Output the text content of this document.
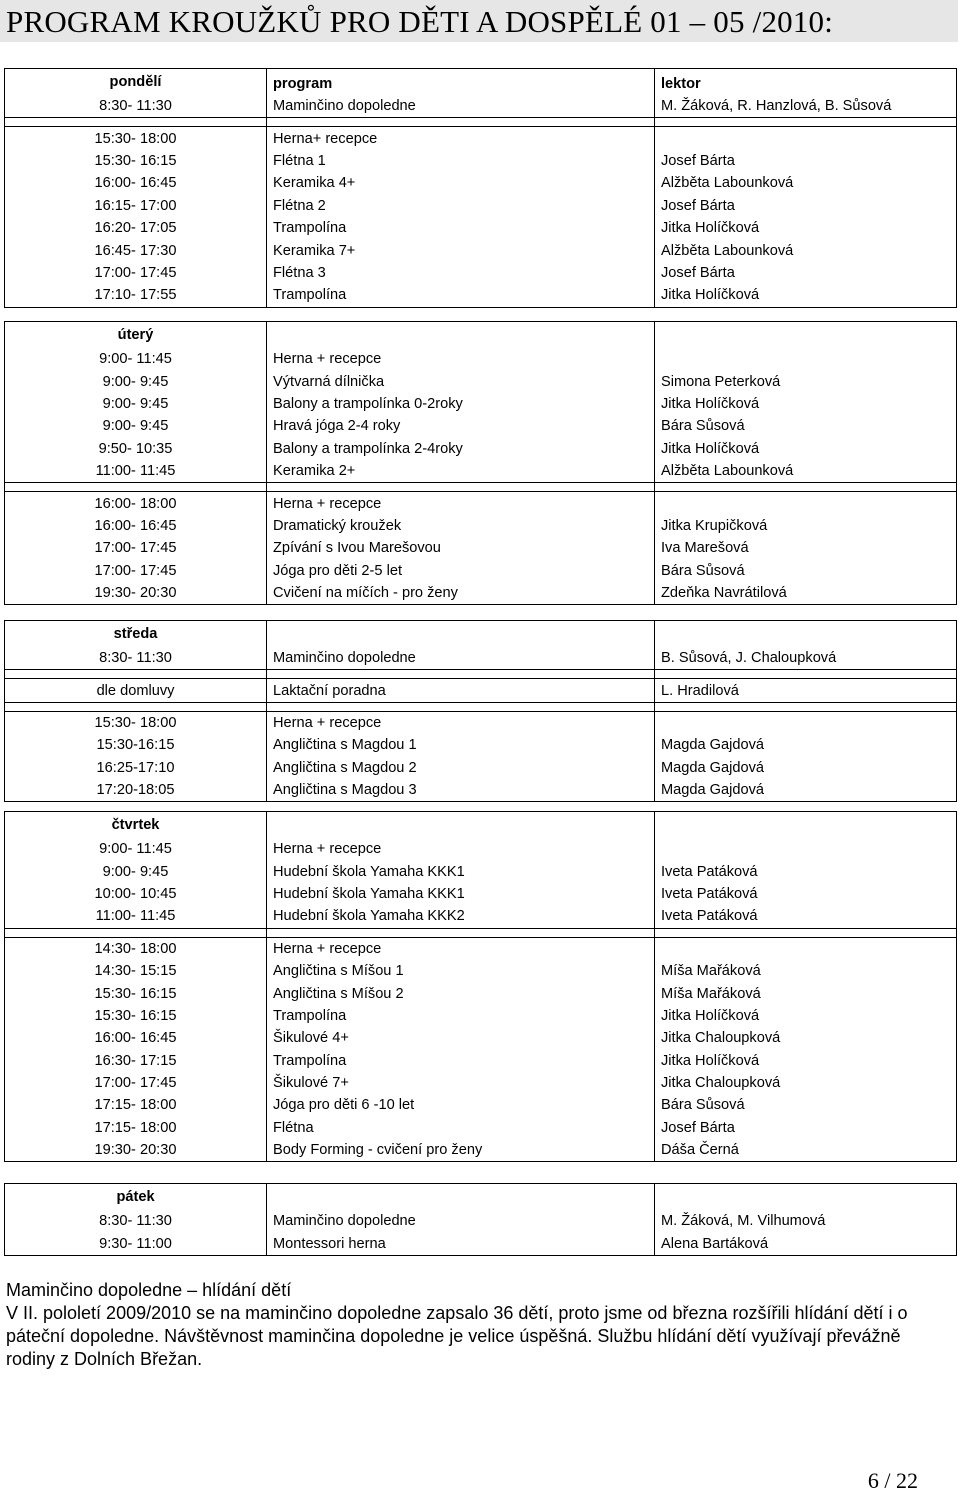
PROGRAM KROUŽKŮ PRO DĚTI A DOSPĚLÉ 01 – 05 /2010:
pondělí	program	lektor
8:30- 11:30	Maminčino dopoledne	M. Žáková, R. Hanzlová, B. Sůsová

15:30- 18:00	Herna+ recepce	
15:30- 16:15	Flétna 1	Josef Bárta
16:00- 16:45	Keramika 4+	Alžběta Labounková
16:15- 17:00	Flétna 2	Josef Bárta
16:20- 17:05	Trampolína	Jitka Holíčková
16:45- 17:30	Keramika 7+	Alžběta Labounková
17:00- 17:45	Flétna 3	Josef Bárta
17:10- 17:55	Trampolína	Jitka Holíčková
úterý		
9:00- 11:45	Herna + recepce	
9:00- 9:45	Výtvarná dílnička	Simona Peterková
9:00- 9:45	Balony a trampolínka 0-2roky	Jitka Holíčková
9:00- 9:45	Hravá jóga 2-4 roky	Bára Sůsová
9:50- 10:35	Balony a trampolínka 2-4roky	Jitka Holíčková
11:00- 11:45	Keramika 2+	Alžběta Labounková

16:00- 18:00	Herna + recepce	
16:00- 16:45	Dramatický kroužek	Jitka Krupičková
17:00- 17:45	Zpívání s Ivou Marešovou	Iva Marešová
17:00- 17:45	Jóga pro děti 2-5 let	Bára Sůsová
19:30- 20:30	Cvičení na míčích - pro ženy	Zdeňka Navrátilová
středa		
8:30- 11:30	Maminčino dopoledne	B. Sůsová, J. Chaloupková

dle domluvy	Laktační poradna	L. Hradilová

15:30- 18:00	Herna + recepce	
15:30-16:15	Angličtina s Magdou 1	Magda Gajdová
16:25-17:10	Angličtina s Magdou 2	Magda Gajdová
17:20-18:05	Angličtina s Magdou 3	Magda Gajdová
čtvrtek		
9:00- 11:45	Herna + recepce	
9:00- 9:45	Hudební škola Yamaha KKK1	Iveta Patáková
10:00- 10:45	Hudební škola Yamaha KKK1	Iveta Patáková
11:00- 11:45	Hudební škola Yamaha KKK2	Iveta Patáková

14:30- 18:00	Herna + recepce	
14:30- 15:15	Angličtina s Míšou 1	Míša Mařáková
15:30- 16:15	Angličtina s Míšou 2	Míša Mařáková
15:30- 16:15	Trampolína	Jitka Holíčková
16:00- 16:45	Šikulové 4+	Jitka Chaloupková
16:30- 17:15	Trampolína	Jitka Holíčková
17:00- 17:45	Šikulové 7+	Jitka Chaloupková
17:15- 18:00	Jóga pro děti 6 -10 let	Bára Sůsová
17:15- 18:00	Flétna	Josef Bárta
19:30- 20:30	Body Forming - cvičení pro ženy	Dáša Černá
pátek		
8:30- 11:30	Maminčino dopoledne	M. Žáková, M. Vilhumová
9:30- 11:00	Montessori herna	Alena Bartáková
Maminčino dopoledne – hlídání dětí
V II. pololetí 2009/2010 se na maminčino dopoledne zapsalo 36 dětí, proto jsme od března rozšířili hlídání dětí i o páteční dopoledne. Návštěvnost maminčina dopoledne je velice úspěšná. Službu hlídání dětí využívají převážně rodiny z Dolních Břežan.
6 / 22
